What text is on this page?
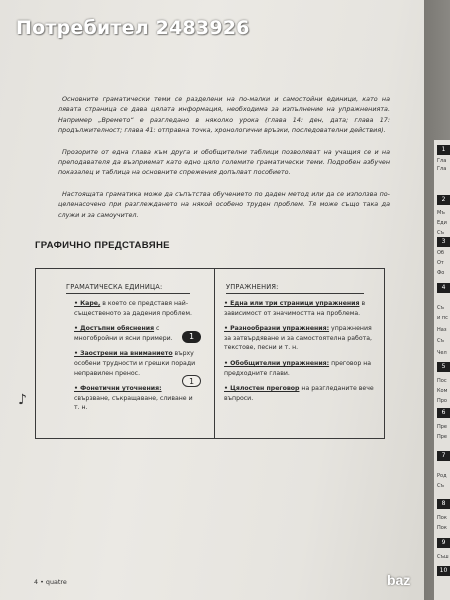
Потребител 2483926

Основните граматически теми се разделени на по-малки и самостойни единици, като на лявата страница се дава цялата информация, необходима за изпълнение на упражненията. Например „Времето“ е разгледано в няколко урока (глава 14: ден, дата; глава 17: продължителност; глава 41: отправна точка, хронологични връзки, последователни действия).

Прозорите от една глава към друга и обобщителни таблици позволяват на учащия се и на преподавателя да възприемат като едно цяло големите граматически теми. Подробен азбучен показалец и таблица на основните спрежения допълват пособието.

Настоящата граматика може да съпътства обучението по даден метод или да се използва по-целенасочено при разглеждането на някой особено труден проблем. Тя може също така да служи и за самоучител.

ГРАФИЧНО ПРЕДСТАВЯНЕ
ГРАМАТИЧЕСКА ЕДИНИЦА:	УПРАЖНЕНИЯ:
• Каре, в което се представя най-същественото за дадения проблем.
• Достъпни обяснения с многобройни и ясни примери.
• Заострени на вниманието върху особени трудности и грешки поради неправилен пренос.
• Фонетични уточнения: свързване, съкращаване, сливане и т. н.
• Една или три страници упражнения в зависимост от значимостта на проблема.
• Разнообразни упражнения: упражнения за затвърдяване и за самостоятелна работа, текстове, песни и т. н.
• Обобщителни упражнения: преговор на предходните глави.
• Цялостен преговор на разгледаните вече въпроси.
1
1
♪
4 • quatre
1
Гла
Гла
2
Мъ
Еди
Съ
3
Об
От
Фо
4
Съ
и пс
Наз
Съ
Чел
5
Пос
Ком
Про
6
Пре
Пре
7
Род
Съ
8
Пок
Пок
9
Съш
10
baz
